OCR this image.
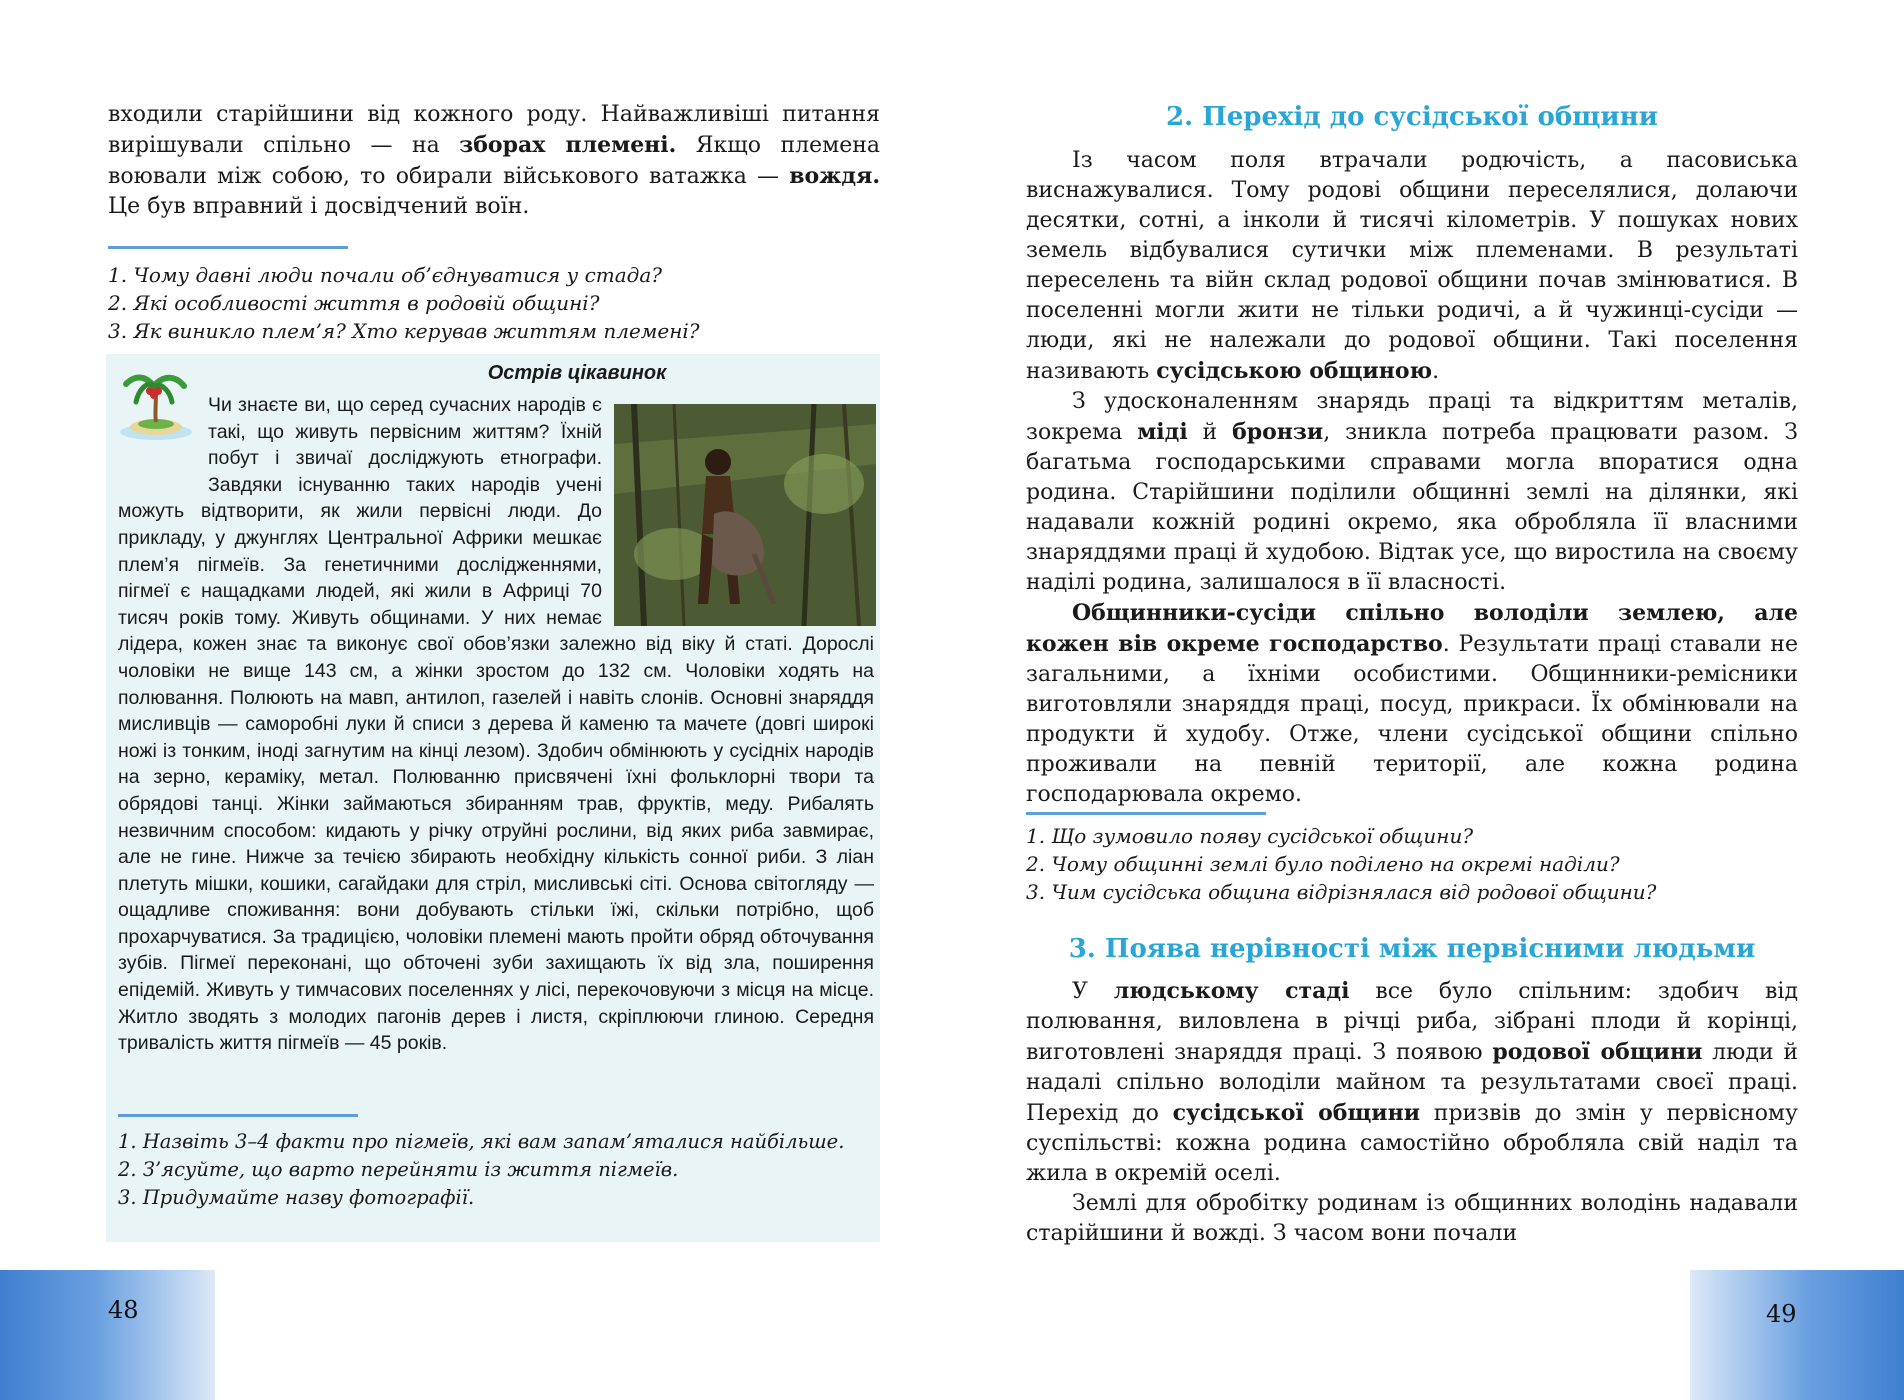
входили старійшини від кожного роду. Найважливіші питання вирішували спільно — на зборах племені. Якщо племена воювали між собою, то обирали військового ватажка — вождя. Це був вправний і досвідчений воїн.

1. Чому давні люди почали об’єднуватися у стада?
2. Які особливості життя в родовій общині?
3. Як виникло плем’я? Хто керував життям племені?
Острів цікавинок

Чи знаєте ви, що серед сучасних народів є такі, що живуть первісним життям? Їхній побут і звичаї досліджують етнографи. Завдяки існуванню таких народів учені можуть відтворити, як жили первісні люди. До прикладу, у джунглях Центральної Африки мешкає плем’я пігмеїв. За генетичними дослідженнями, пігмеї є нащадками людей, які жили в Африці 70 тисяч років тому. Живуть общинами. У них немає лідера, кожен знає та виконує свої обов’язки залежно від віку й статі. Дорослі чоловіки не вище 143 см, а жінки зростом до 132 см. Чоловіки ходять на полювання. Полюють на мавп, антилоп, газелей і навіть слонів. Основні знаряддя мисливців — саморобні луки й списи з дерева й каменю та мачете (довгі широкі ножі із тонким, іноді загнутим на кінці лезом). Здобич обмінюють у сусідніх народів на зерно, кераміку, метал. Полюванню присвячені їхні фольклорні твори та обрядові танці. Жінки займаються збиранням трав, фруктів, меду. Рибалять незвичним способом: кидають у річку отруйні рослини, від яких риба завмирає, але не гине. Нижче за течією збирають необхідну кількість сонної риби. З ліан плетуть мішки, кошики, сагайдаки для стріл, мисливські сіті. Основа світогляду — ощадливе споживання: вони добувають стільки їжі, скільки потрібно, щоб прохарчуватися. За традицією, чоловіки племені мають пройти обряд обточування зубів. Пігмеї переконані, що обточені зуби захищають їх від зла, поширення епідемій. Живуть у тимчасових поселеннях у лісі, перекочовуючи з місця на місце. Житло зводять з молодих пагонів дерев і листя, скріплюючи глиною. Середня тривалість життя пігмеїв — 45 років.

1. Назвіть 3–4 факти про пігмеїв, які вам запам’яталися найбільше.
2. З’ясуйте, що варто перейняти із життя пігмеїв.
3. Придумайте назву фотографії.
48
2. Перехід до сусідської общини

Із часом поля втрачали родючість, а пасовиська виснажувалися. Тому родові общини переселялися, долаючи десятки, сотні, а інколи й тисячі кілометрів. У пошуках нових земель відбувалися сутички між племенами. В результаті переселень та війн склад родової общини почав змінюватися. В поселенні могли жити не тільки родичі, а й чужинці-сусіди — люди, які не належали до родової общини. Такі поселення називають сусідською общиною.

З удосконаленням знарядь праці та відкриттям металів, зокрема міді й бронзи, зникла потреба працювати разом. З багатьма господарськими справами могла впоратися одна родина. Старійшини поділили общинні землі на ділянки, які надавали кожній родині окремо, яка обробляла її власними знаряддями праці й худобою. Відтак усе, що виростила на своєму наділі родина, залишалося в її власності.

Общинники-сусіди спільно володіли землею, але кожен вів окреме господарство. Результати праці ставали не загальними, а їхніми особистими. Общинники-ремісники виготовляли знаряддя праці, посуд, прикраси. Їх обмінювали на продукти й худобу. Отже, члени сусідської общини спільно проживали на певній території, але кожна родина господарювала окремо.

1. Що зумовило появу сусідської общини?
2. Чому общинні землі було поділено на окремі наділи?
3. Чим сусідська община відрізнялася від родової общини?
3. Поява нерівності між первісними людьми

У людському стаді все було спільним: здобич від полювання, виловлена в річці риба, зібрані плоди й корінці, виготовлені знаряддя праці. З появою родової общини люди й надалі спільно володіли майном та результатами своєї праці. Перехід до сусідської общини призвів до змін у первісному суспільстві: кожна родина самостійно обробляла свій наділ та жила в окремій оселі.

Землі для обробітку родинам із общинних володінь надавали старійшини й вожді. З часом вони почали

49
